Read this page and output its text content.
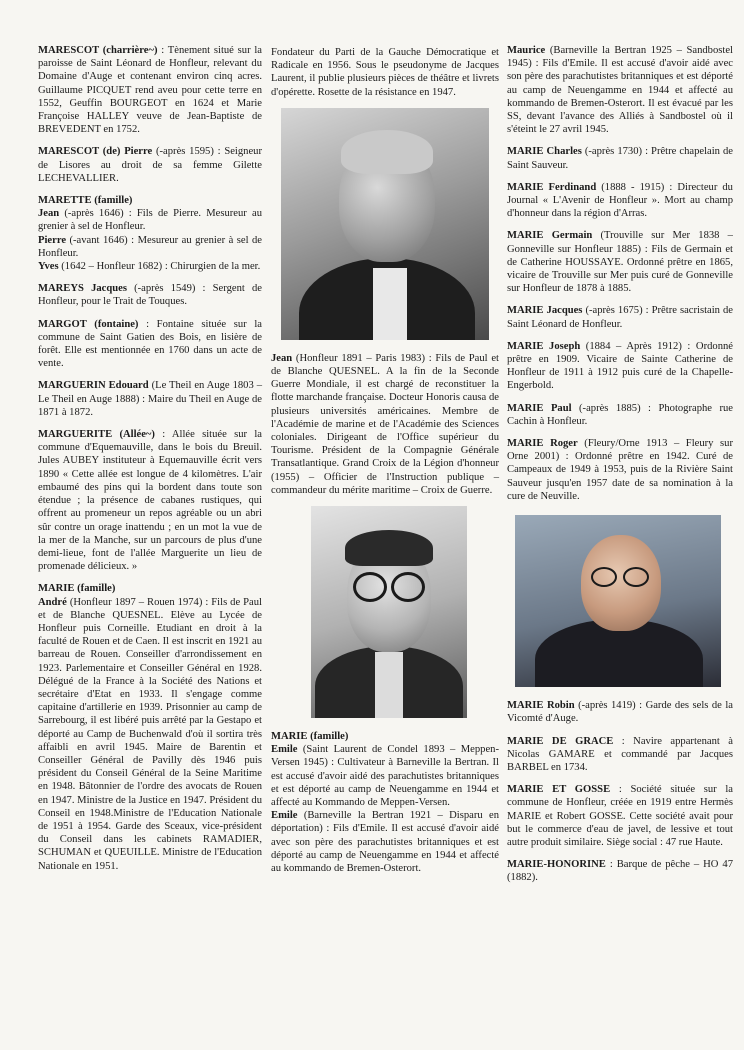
MARESCOT (charrière~) : Tènement situé sur la paroisse de Saint Léonard de Honfleur, relevant du Domaine d'Auge et contenant environ cinq acres. Guillaume PICQUET rend aveu pour cette terre en 1552, Geuffin BOURGEOT en 1624 et Marie Françoise HALLEY veuve de Jean-Baptiste de BREVEDENT en 1752.

MARESCOT (de) Pierre (-après 1595) : Seigneur de Lisores au droit de sa femme Gilette LECHEVALLIER.

MARETTE (famille)
Jean (-après 1646) : Fils de Pierre. Mesureur au grenier à sel de Honfleur.
Pierre (-avant 1646) : Mesureur au grenier à sel de Honfleur.
Yves (1642 – Honfleur 1682) : Chirurgien de la mer.

MAREYS Jacques (-après 1549) : Sergent de Honfleur, pour le Trait de Touques.

MARGOT (fontaine) : Fontaine située sur la commune de Saint Gatien des Bois, en lisière de forêt. Elle est mentionnée en 1760 dans un acte de vente.

MARGUERIN Edouard (Le Theil en Auge 1803 – Le Theil en Auge 1888) : Maire du Theil en Auge de 1871 à 1872.

MARGUERITE (Allée~) : Allée située sur la commune d'Equemauville, dans le bois du Breuil. Jules AUBEY instituteur à Equemauville écrit vers 1890 « Cette allée est longue de 4 kilomètres. L'air embaumé des pins qui la bordent dans toute son étendue ; la présence de cabanes rustiques, qui offrent au promeneur un repos agréable ou un abri sûr contre un orage inattendu ; en un mot la vue de la mer de la Manche, sur un parcours de plus d'une demi-lieue, font de l'allée Marguerite un lieu de promenade délicieux. »

MARIE (famille)
André (Honfleur 1897 – Rouen 1974) : Fils de Paul et de Blanche QUESNEL. Elève au Lycée de Honfleur puis Corneille. Etudiant en droit à la faculté de Rouen et de Caen. Il est inscrit en 1921 au barreau de Rouen. Conseiller d'arrondissement en 1923. Parlementaire et Conseiller Général en 1928. Délégué de la France à la Société des Nations et secrétaire d'Etat en 1933. Il s'engage comme capitaine d'artillerie en 1939. Prisonnier au camp de Sarrebourg, il est libéré puis arrêté par la Gestapo et déporté au Camp de Buchenwald d'où il sortira très affaibli en avril 1945. Maire de Barentin et Conseiller Général de Pavilly dès 1946 puis président du Conseil Général de la Seine Maritime en 1948. Bâtonnier de l'ordre des avocats de Rouen en 1947. Ministre de la Justice en 1947. Président du Conseil en 1948.Ministre de l'Education Nationale de 1951 à 1954. Garde des Sceaux, vice-président du Conseil dans les cabinets RAMADIER, SCHUMAN et QUEUILLE. Ministre de l'Education Nationale en 1951.

Fondateur du Parti de la Gauche Démocratique et Radicale en 1956. Sous le pseudonyme de Jacques Laurent, il publie plusieurs pièces de théâtre et livrets d'opérette. Rosette de la résistance en 1947.

Jean (Honfleur 1891 – Paris 1983) : Fils de Paul et de Blanche QUESNEL. A la fin de la Seconde Guerre Mondiale, il est chargé de reconstituer la flotte marchande française. Docteur Honoris causa de plusieurs universités américaines. Membre de l'Académie de marine et de l'Académie des Sciences coloniales. Dirigeant de l'Office supérieur du Tourisme. Président de la Compagnie Générale Transatlantique. Grand Croix de la Légion d'honneur (1955) – Officier de l'Instruction publique – commandeur du mérite maritime – Croix de Guerre.

MARIE (famille)
Emile (Saint Laurent de Condel 1893 – Meppen-Versen 1945) : Cultivateur à Barneville la Bertran. Il est accusé d'avoir aidé des parachutistes britanniques et est déporté au camp de Neuengamme en 1944 et affecté au Kommando de Meppen-Versen.
Emile (Barneville la Bertran 1921 – Disparu en déportation) : Fils d'Emile. Il est accusé d'avoir aidé avec son père des parachutistes britanniques et est déporté au camp de Neuengamme en 1944 et affecté au kommando de Bremen-Osterort.

Maurice (Barneville la Bertran 1925 – Sandbostel 1945) : Fils d'Emile. Il est accusé d'avoir aidé avec son père des parachutistes britanniques et est déporté au camp de Neuengamme en 1944 et affecté au kommando de Bremen-Osterort. Il est évacué par les SS, devant l'avance des Alliés à Sandbostel où il s'éteint le 27 avril 1945.

MARIE Charles (-après 1730) : Prêtre chapelain de Saint Sauveur.

MARIE Ferdinand (1888 - 1915) : Directeur du Journal « L'Avenir de Honfleur ». Mort au champ d'honneur dans la région d'Arras.

MARIE Germain (Trouville sur Mer 1838 – Gonneville sur Honfleur 1885) : Fils de Germain et de Catherine HOUSSAYE. Ordonné prêtre en 1865, vicaire de Trouville sur Mer puis curé de Gonneville sur Honfleur de 1878 à 1885.

MARIE Jacques (-après 1675) : Prêtre sacristain de Saint Léonard de Honfleur.

MARIE Joseph (1884 – Après 1912) : Ordonné prêtre en 1909. Vicaire de Sainte Catherine de Honfleur de 1911 à 1912 puis curé de la Chapelle-Engerbold.

MARIE Paul (-après 1885) : Photographe rue Cachin à Honfleur.

MARIE Roger (Fleury/Orne 1913 – Fleury sur Orne 2001) : Ordonné prêtre en 1942. Curé de Campeaux de 1949 à 1953, puis de la Rivière Saint Sauveur jusqu'en 1957 date de sa nomination à la cure de Neuville.

MARIE Robin (-après 1419) : Garde des sels de la Vicomté d'Auge.

MARIE DE GRACE : Navire appartenant à Nicolas GAMARE et commandé par Jacques BARBEL en 1734.

MARIE ET GOSSE : Société située sur la commune de Honfleur, créée en 1919 entre Hermès MARIE et Robert GOSSE. Cette société avait pour but le commerce d'eau de javel, de lessive et tout autre produit similaire. Siège social : 47 rue Haute.

MARIE-HONORINE : Barque de pêche – HO 47 (1882).
